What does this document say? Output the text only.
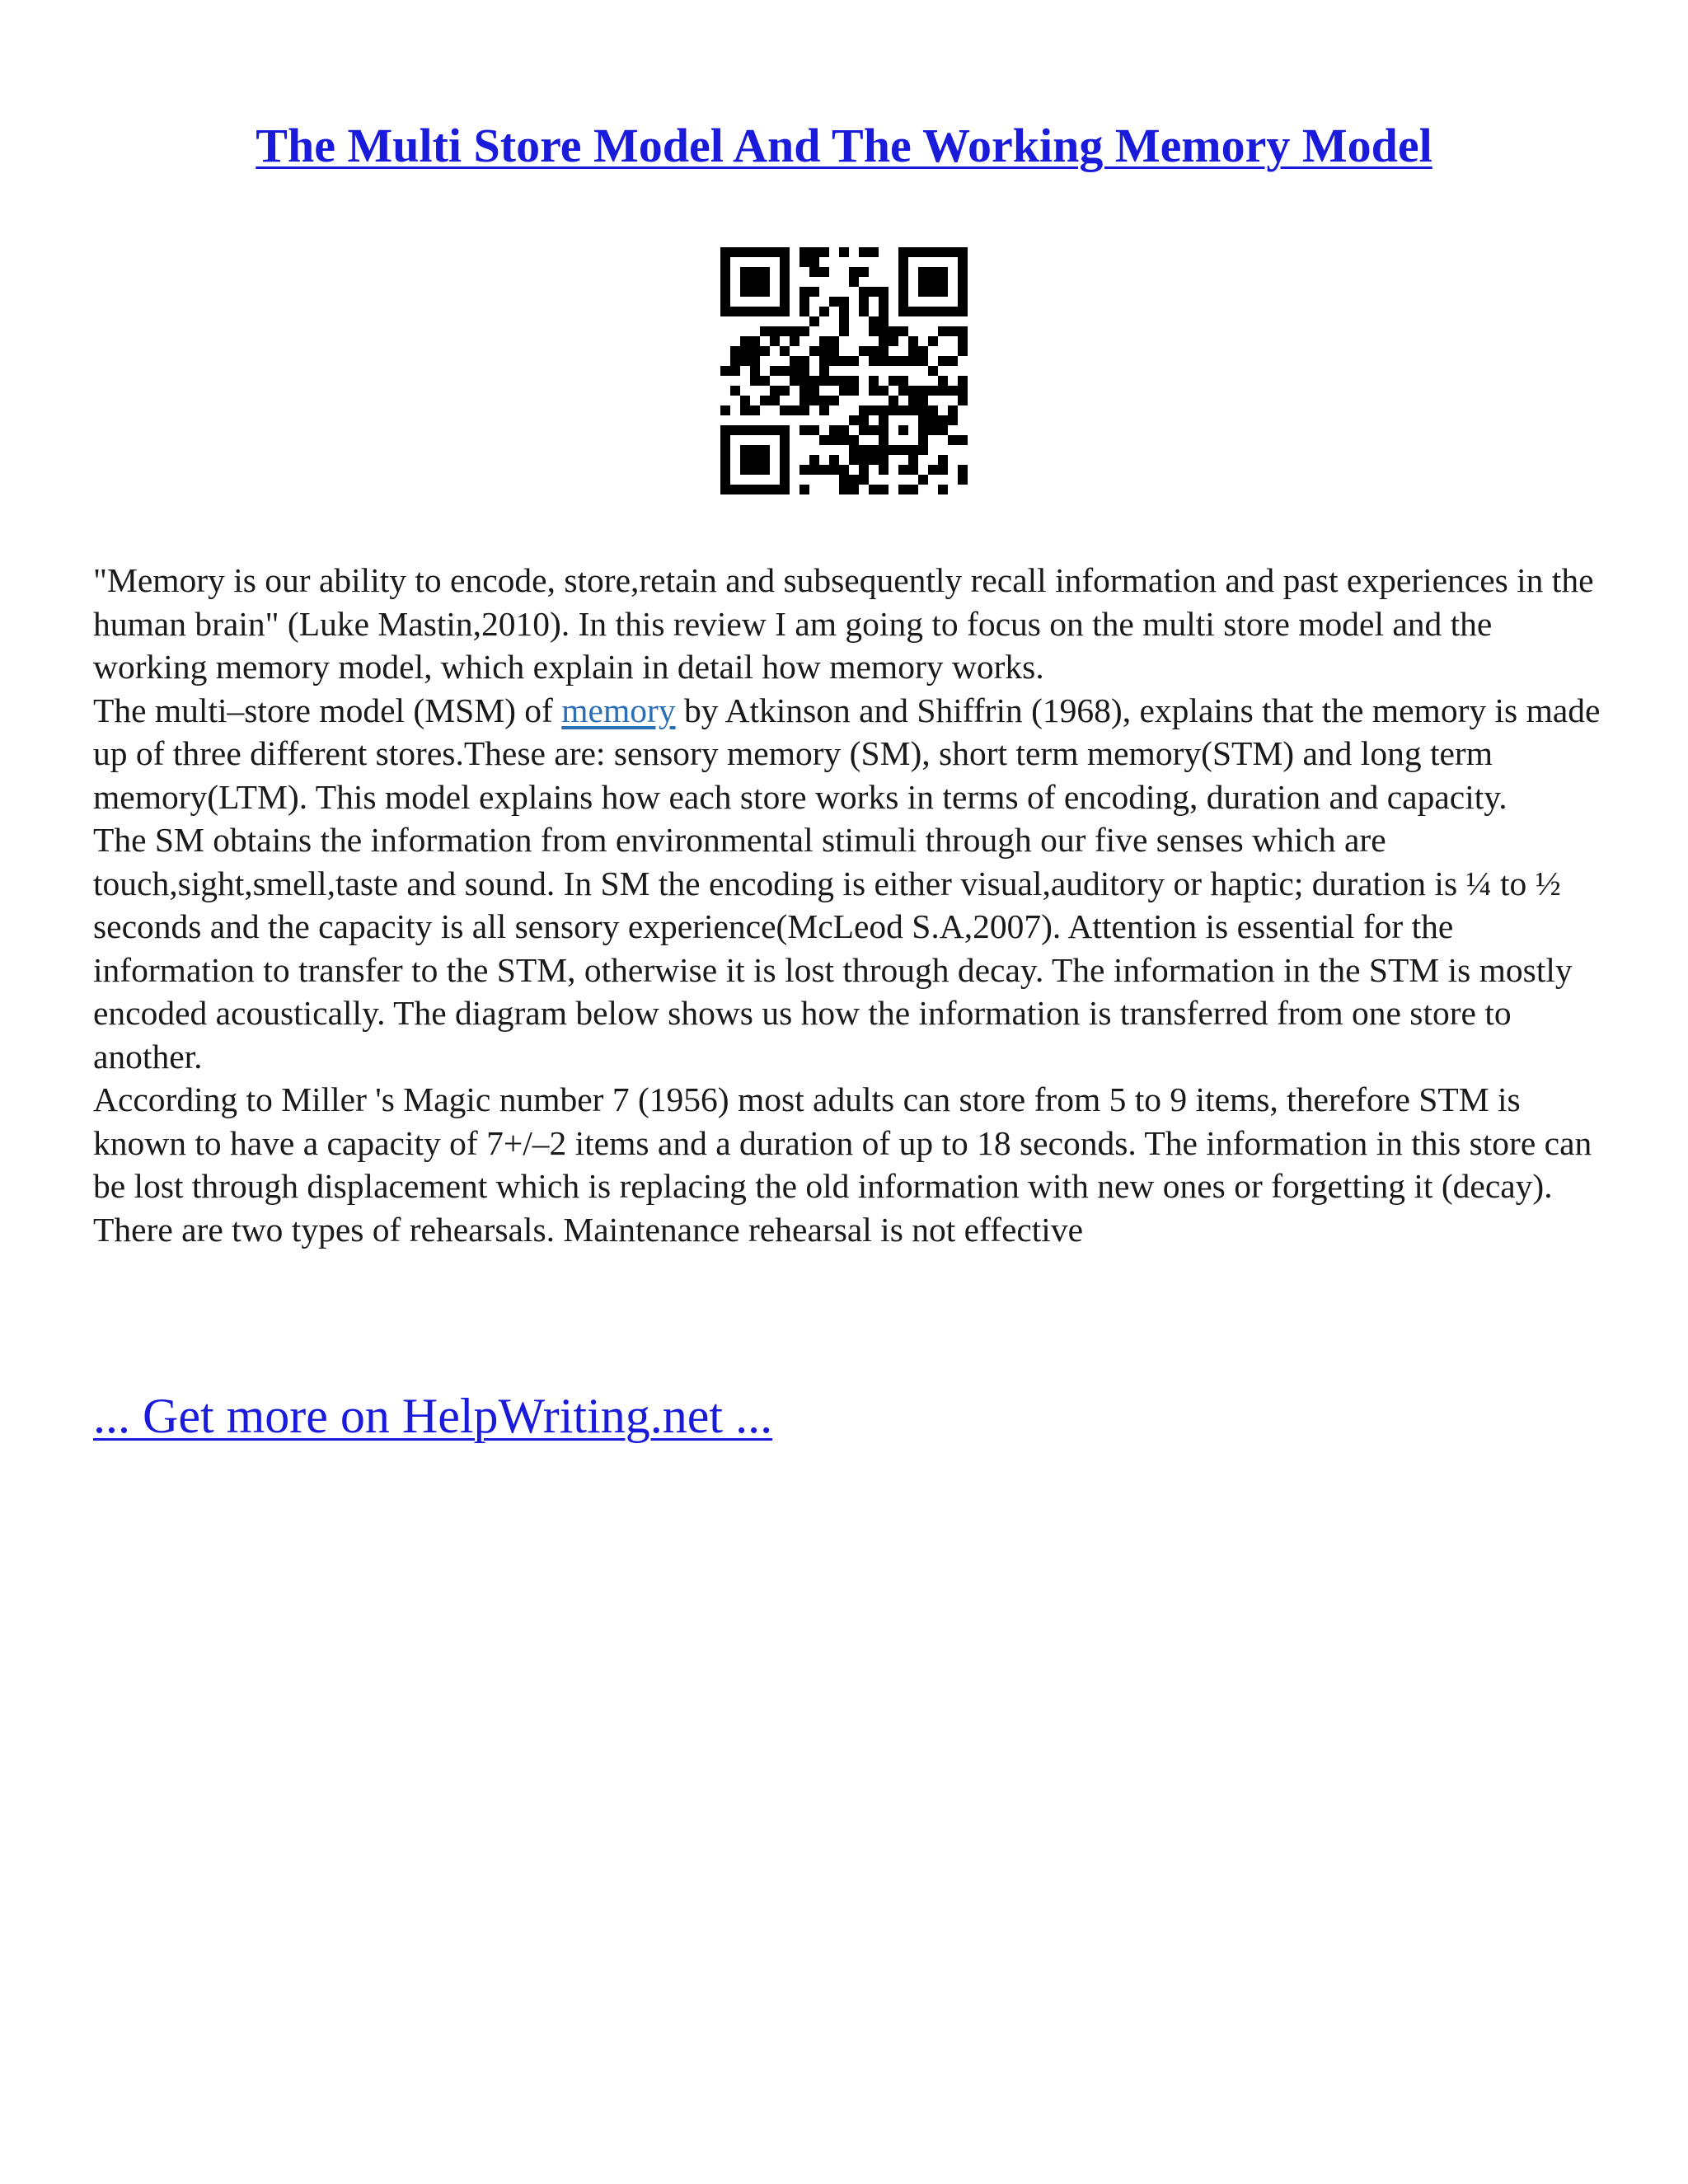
The Multi Store Model And The Working Memory Model

"Memory is our ability to encode, store,retain and subsequently recall information and past experiences in the human brain" (Luke Mastin,2010). In this review I am going to focus on the multi store model and the working memory model, which explain in detail how memory works.

The multi–store model (MSM) of memory by Atkinson and Shiffrin (1968), explains that the memory is made up of three different stores.These are: sensory memory (SM), short term memory(STM) and long term memory(LTM). This model explains how each store works in terms of encoding, duration and capacity.

The SM obtains the information from environmental stimuli through our five senses which are touch,sight,smell,taste and sound. In SM the encoding is either visual,auditory or haptic; duration is ¼ to ½ seconds and the capacity is all sensory experience(McLeod S.A,2007). Attention is essential for the information to transfer to the STM, otherwise it is lost through decay. The information in the STM is mostly encoded acoustically. The diagram below shows us how the information is transferred from one store to another.

According to Miller 's Magic number 7 (1956) most adults can store from 5 to 9 items, therefore STM is known to have a capacity of 7+/–2 items and a duration of up to 18 seconds. The information in this store can be lost through displacement which is replacing the old information with new ones or forgetting it (decay). There are two types of rehearsals. Maintenance rehearsal is not effective

... Get more on HelpWriting.net ...
